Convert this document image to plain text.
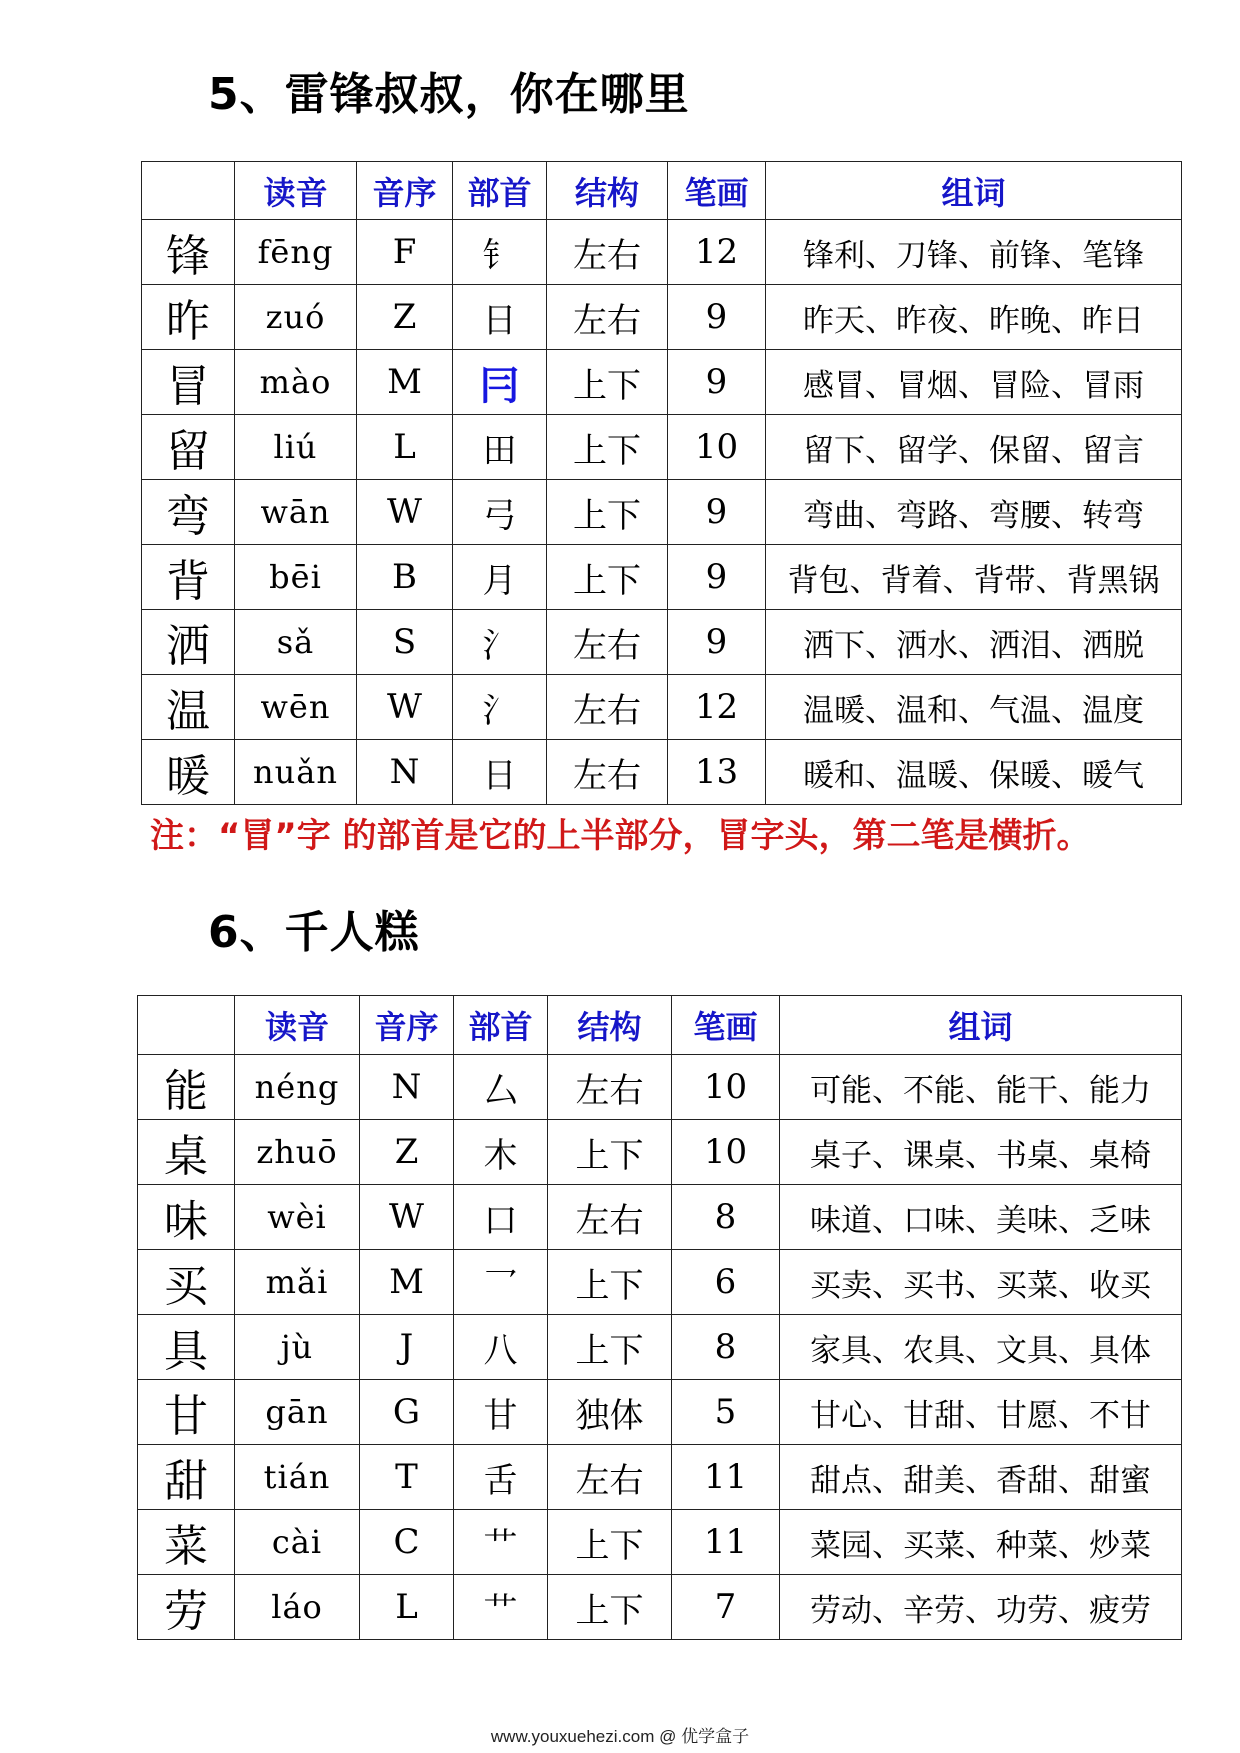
5、雷锋叔叔，你在哪里
	读音	音序	部首	结构	笔画	组词
锋	fēng	F	钅	左右	12	锋利、刀锋、前锋、笔锋
昨	zuó	Z	日	左右	9	昨天、昨夜、昨晚、昨日
冒	mào	M	冃	上下	9	感冒、冒烟、冒险、冒雨
留	liú	L	田	上下	10	留下、留学、保留、留言
弯	wān	W	弓	上下	9	弯曲、弯路、弯腰、转弯
背	bēi	B	月	上下	9	背包、背着、背带、背黑锅
洒	sǎ	S	氵	左右	9	洒下、洒水、洒泪、洒脱
温	wēn	W	氵	左右	12	温暖、温和、气温、温度
暖	nuǎn	N	日	左右	13	暖和、温暖、保暖、暖气

注：“冒”字 的部首是它的上半部分，冒字头，第二笔是横折。

6、千人糕
	读音	音序	部首	结构	笔画	组词
能	néng	N	厶	左右	10	可能、不能、能干、能力
桌	zhuō	Z	木	上下	10	桌子、课桌、书桌、桌椅
味	wèi	W	口	左右	8	味道、口味、美味、乏味
买	mǎi	M	乛	上下	6	买卖、买书、买菜、收买
具	jù	J	八	上下	8	家具、农具、文具、具体
甘	gān	G	甘	独体	5	甘心、甘甜、甘愿、不甘
甜	tián	T	舌	左右	11	甜点、甜美、香甜、甜蜜
菜	cài	C	艹	上下	11	菜园、买菜、种菜、炒菜
劳	láo	L	艹	上下	7	劳动、辛劳、功劳、疲劳

www.youxuehezi.com @ 优学盒子
